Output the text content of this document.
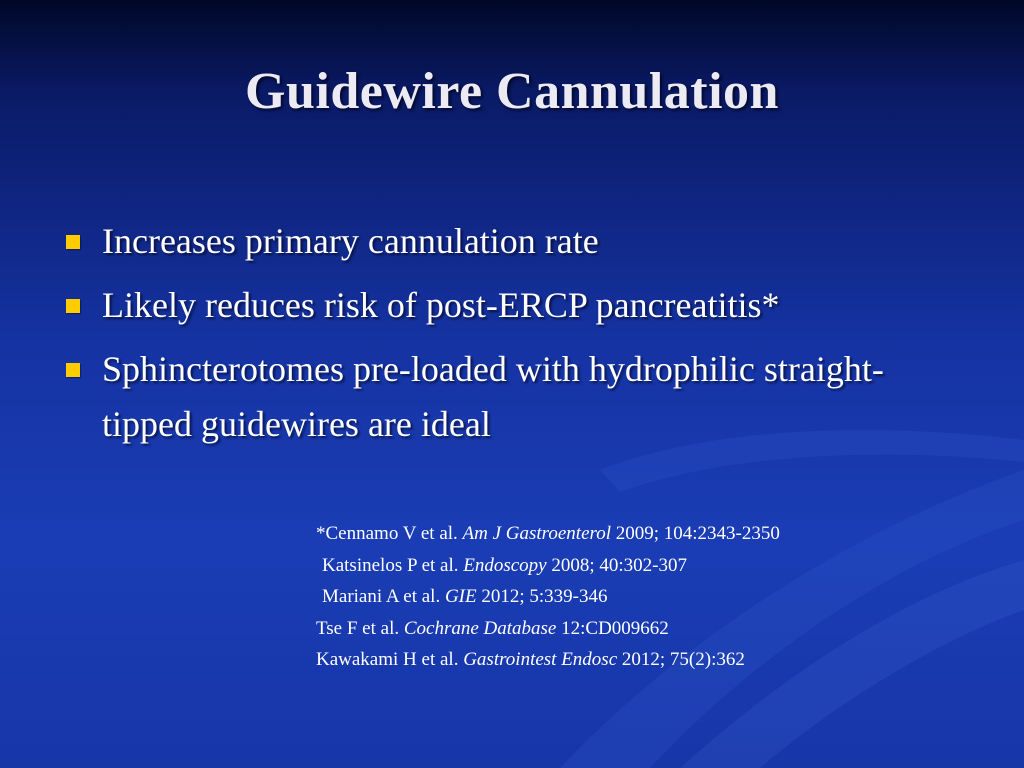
Guidewire Cannulation
Increases primary cannulation rate
Likely reduces risk of post-ERCP pancreatitis*
Sphincterotomes pre-loaded with hydrophilic straight-tipped guidewires are ideal
*Cennamo V et al. Am J Gastroenterol 2009; 104:2343-2350
Katsinelos P et al. Endoscopy 2008; 40:302-307
Mariani A et al. GIE 2012; 5:339-346
Tse F et al. Cochrane Database 12:CD009662
Kawakami H et al. Gastrointest Endosc 2012; 75(2):362
